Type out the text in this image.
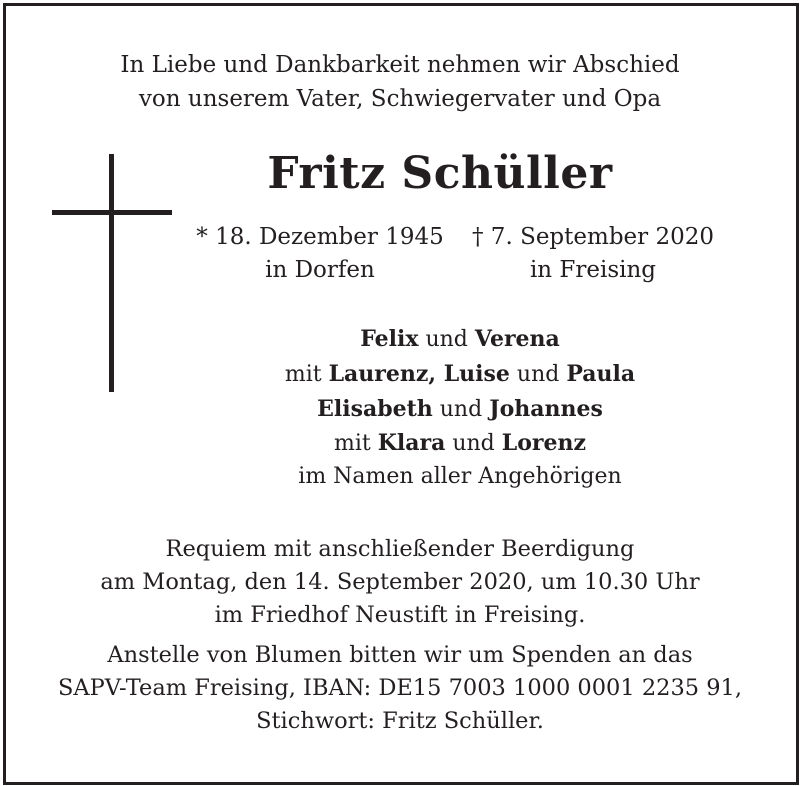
In Liebe und Dankbarkeit nehmen wir Abschied
von unserem Vater, Schwiegervater und Opa
Fritz Schüller
* 18. Dezember 1945
in Dorfen
† 7. September 2020
in Freising
Felix und Verena
mit Laurenz, Luise und Paula
Elisabeth und Johannes
mit Klara und Lorenz
im Namen aller Angehörigen
Requiem mit anschließender Beerdigung
am Montag, den 14. September 2020, um 10.30 Uhr
im Friedhof Neustift in Freising.
Anstelle von Blumen bitten wir um Spenden an das
SAPV-Team Freising, IBAN: DE15 7003 1000 0001 2235 91,
Stichwort: Fritz Schüller.
